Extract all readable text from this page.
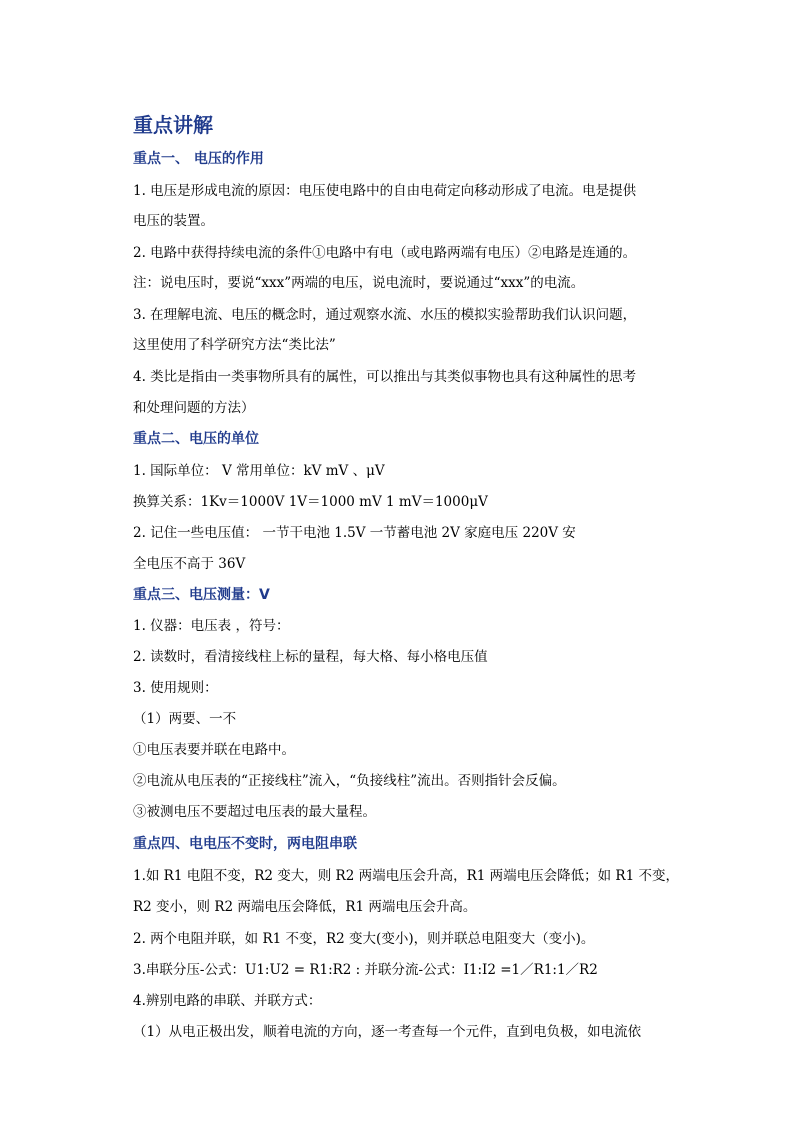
重点讲解
重点一、 电压的作用
1. 电压是形成电流的原因：电压使电路中的自由电荷定向移动形成了电流。电是提供
电压的装置。
2. 电路中获得持续电流的条件①电路中有电（或电路两端有电压）②电路是连通的。
注：说电压时，要说“xxx”两端的电压，说电流时，要说通过“xxx”的电流。
3. 在理解电流、电压的概念时，通过观察水流、水压的模拟实验帮助我们认识问题，
这里使用了科学研究方法“类比法”
4. 类比是指由一类事物所具有的属性，可以推出与其类似事物也具有这种属性的思考
和处理问题的方法）
重点二、电压的单位
1. 国际单位： V 常用单位：kV mV 、μV
换算关系：1Kv＝1000V 1V＝1000 mV 1 mV＝1000μV
2. 记住一些电压值： 一节干电池 1.5V 一节蓄电池 2V 家庭电压 220V 安
全电压不高于 36V
重点三、电压测量：V
1. 仪器：电压表 ，符号：
2. 读数时，看清接线柱上标的量程，每大格、每小格电压值
3. 使用规则：
（1）两要、一不
①电压表要并联在电路中。
②电流从电压表的“正接线柱”流入，“负接线柱”流出。否则指针会反偏。
③被测电压不要超过电压表的最大量程。
重点四、电电压不变时，两电阻串联
1.如 R1 电阻不变，R2 变大，则 R2 两端电压会升高，R1 两端电压会降低；如 R1 不变，
R2 变小，则 R2 两端电压会降低，R1 两端电压会升高。
2. 两个电阻并联，如 R1 不变，R2 变大(变小)，则并联总电阻变大（变小)。
3.串联分压-公式：U1:U2 = R1:R2 : 并联分流-公式：I1:I2 =1／R1:1／R2
4.辨别电路的串联、并联方式：
（1）从电正极出发，顺着电流的方向，逐一考查每一个元件，直到电负极，如电流依
